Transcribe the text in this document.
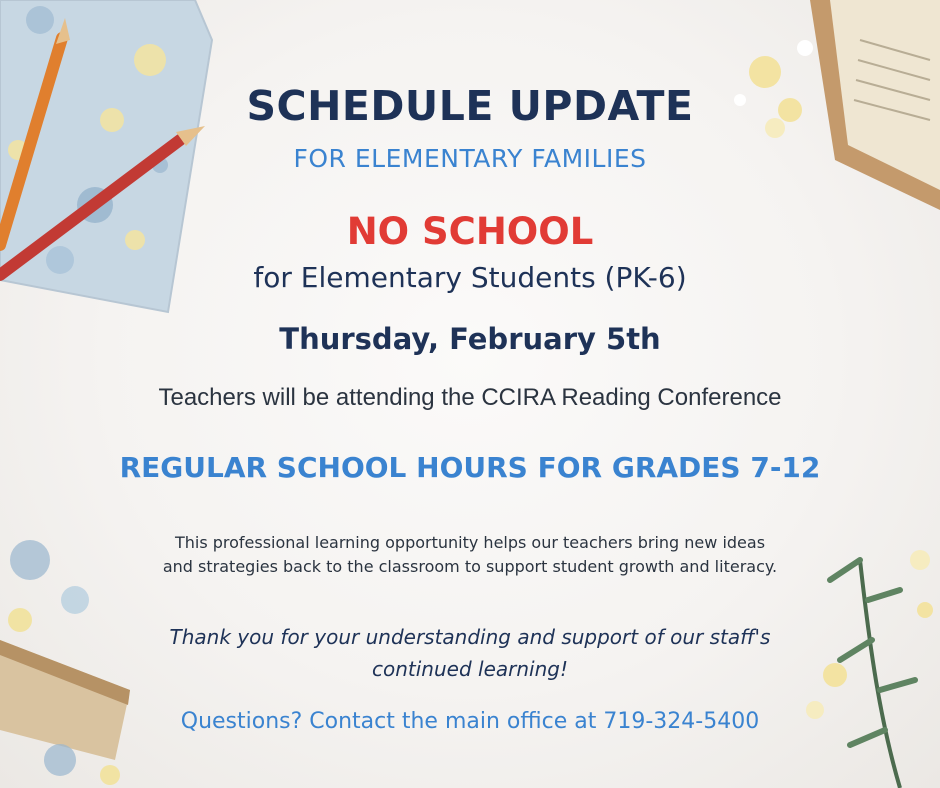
SCHEDULE UPDATE
FOR ELEMENTARY FAMILIES
NO SCHOOL
for Elementary Students (PK-6)
Thursday, February 5th
Teachers will be attending the CCIRA Reading Conference
REGULAR SCHOOL HOURS FOR GRADES 7-12
This professional learning opportunity helps our teachers bring new ideas
and strategies back to the classroom to support student growth and literacy.
Thank you for your understanding and support of our staff's
continued learning!
Questions? Contact the main office at 719-324-5400
